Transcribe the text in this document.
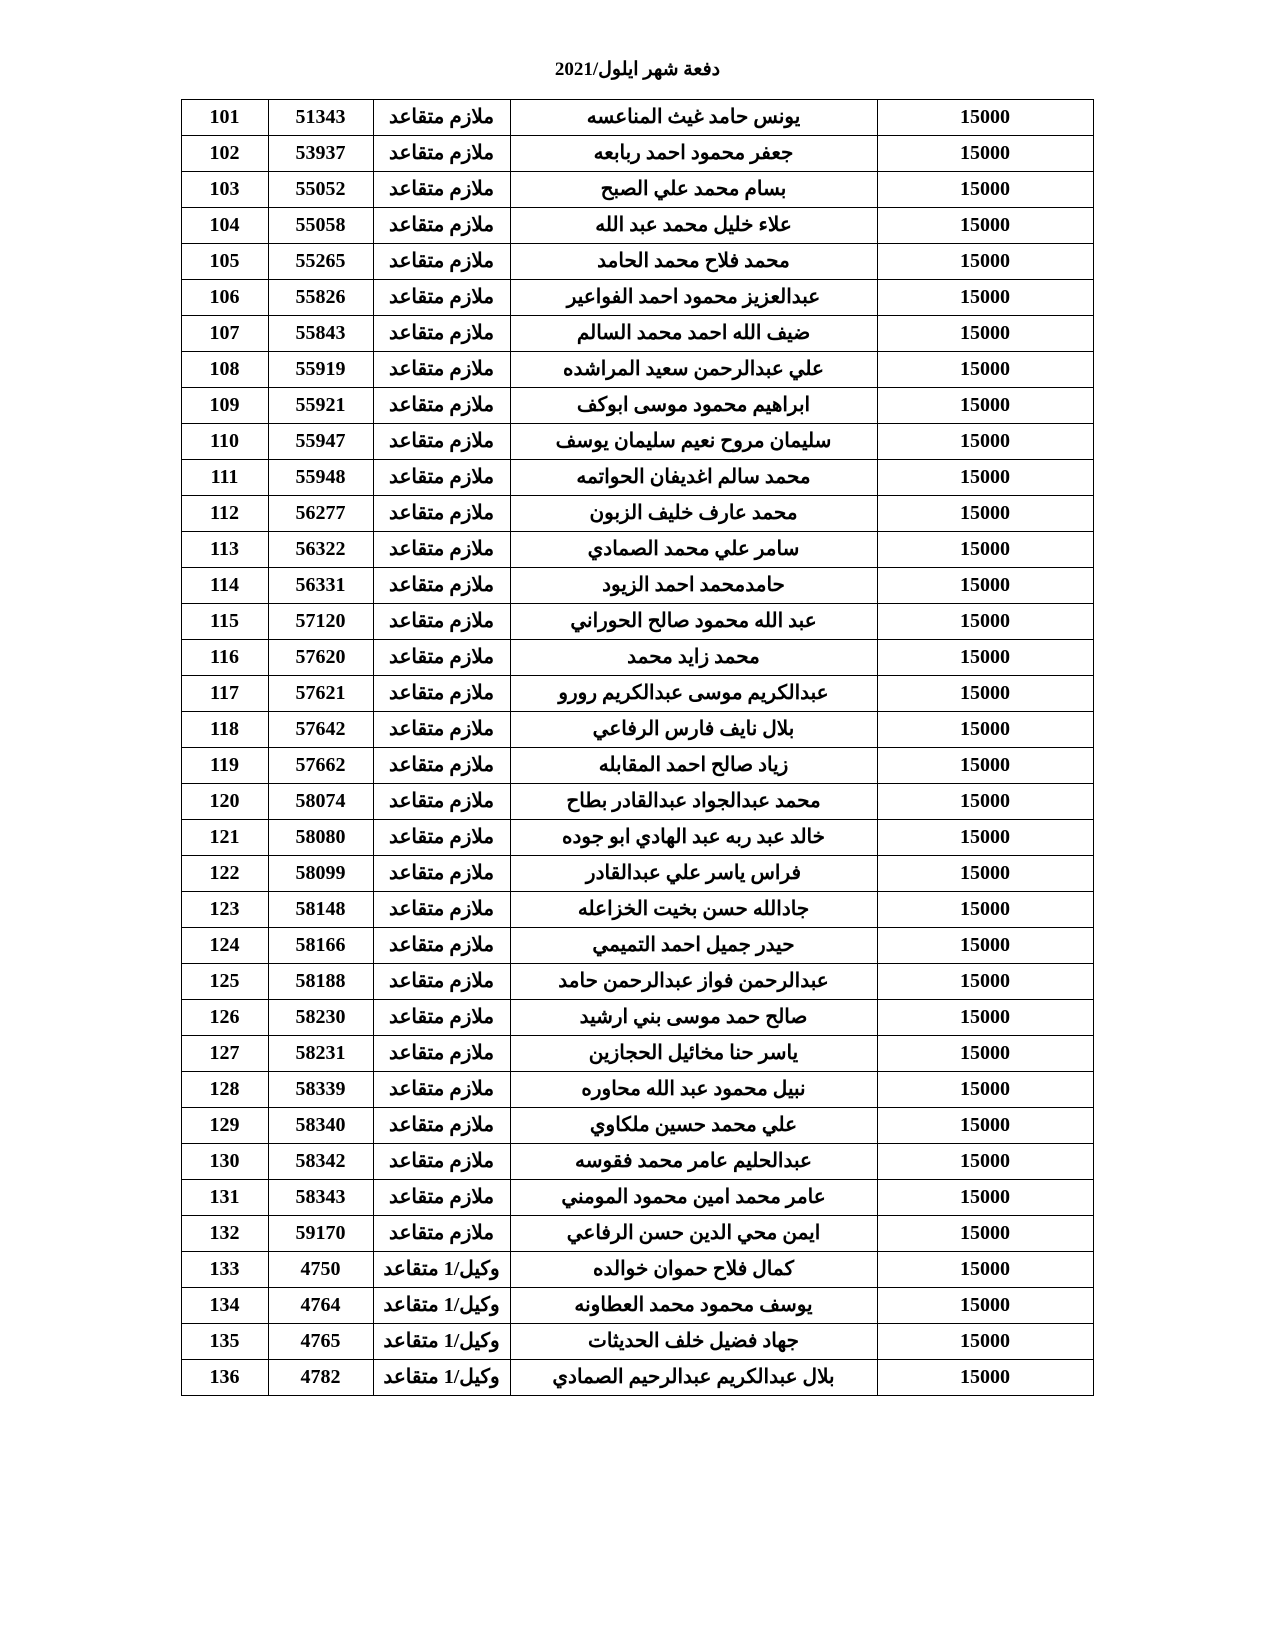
دفعة شهر ايلول/2021
15000	يونس حامد غيث المناعسه	ملازم متقاعد	51343	101
15000	جعفر محمود احمد ربابعه	ملازم متقاعد	53937	102
15000	بسام محمد علي الصبح	ملازم متقاعد	55052	103
15000	علاء خليل محمد عبد الله	ملازم متقاعد	55058	104
15000	محمد فلاح محمد الحامد	ملازم متقاعد	55265	105
15000	عبدالعزيز محمود احمد الفواعير	ملازم متقاعد	55826	106
15000	ضيف الله احمد محمد السالم	ملازم متقاعد	55843	107
15000	علي عبدالرحمن سعيد المراشده	ملازم متقاعد	55919	108
15000	ابراهيم محمود موسى ابوكف	ملازم متقاعد	55921	109
15000	سليمان مروح نعيم سليمان يوسف	ملازم متقاعد	55947	110
15000	محمد سالم اغديفان الحواتمه	ملازم متقاعد	55948	111
15000	محمد عارف خليف الزبون	ملازم متقاعد	56277	112
15000	سامر علي محمد الصمادي	ملازم متقاعد	56322	113
15000	حامدمحمد احمد الزيود	ملازم متقاعد	56331	114
15000	عبد الله محمود صالح الحوراني	ملازم متقاعد	57120	115
15000	محمد زايد محمد	ملازم متقاعد	57620	116
15000	عبدالكريم موسى عبدالكريم رورو	ملازم متقاعد	57621	117
15000	بلال نايف فارس الرفاعي	ملازم متقاعد	57642	118
15000	زياد صالح احمد المقابله	ملازم متقاعد	57662	119
15000	محمد عبدالجواد عبدالقادر بطاح	ملازم متقاعد	58074	120
15000	خالد عبد ربه عبد الهادي ابو جوده	ملازم متقاعد	58080	121
15000	فراس ياسر علي عبدالقادر	ملازم متقاعد	58099	122
15000	جادالله حسن بخيت الخزاعله	ملازم متقاعد	58148	123
15000	حيدر جميل احمد التميمي	ملازم متقاعد	58166	124
15000	عبدالرحمن فواز عبدالرحمن حامد	ملازم متقاعد	58188	125
15000	صالح حمد موسى بني ارشيد	ملازم متقاعد	58230	126
15000	ياسر حنا مخائيل الحجازين	ملازم متقاعد	58231	127
15000	نبيل محمود عبد الله محاوره	ملازم متقاعد	58339	128
15000	علي محمد حسين ملكاوي	ملازم متقاعد	58340	129
15000	عبدالحليم عامر محمد فقوسه	ملازم متقاعد	58342	130
15000	عامر محمد امين محمود المومني	ملازم متقاعد	58343	131
15000	ايمن محي الدين حسن الرفاعي	ملازم متقاعد	59170	132
15000	كمال فلاح حموان خوالده	وكيل/1 متقاعد	4750	133
15000	يوسف محمود محمد العطاونه	وكيل/1 متقاعد	4764	134
15000	جهاد فضيل خلف الحديثات	وكيل/1 متقاعد	4765	135
15000	بلال عبدالكريم عبدالرحيم الصمادي	وكيل/1 متقاعد	4782	136
